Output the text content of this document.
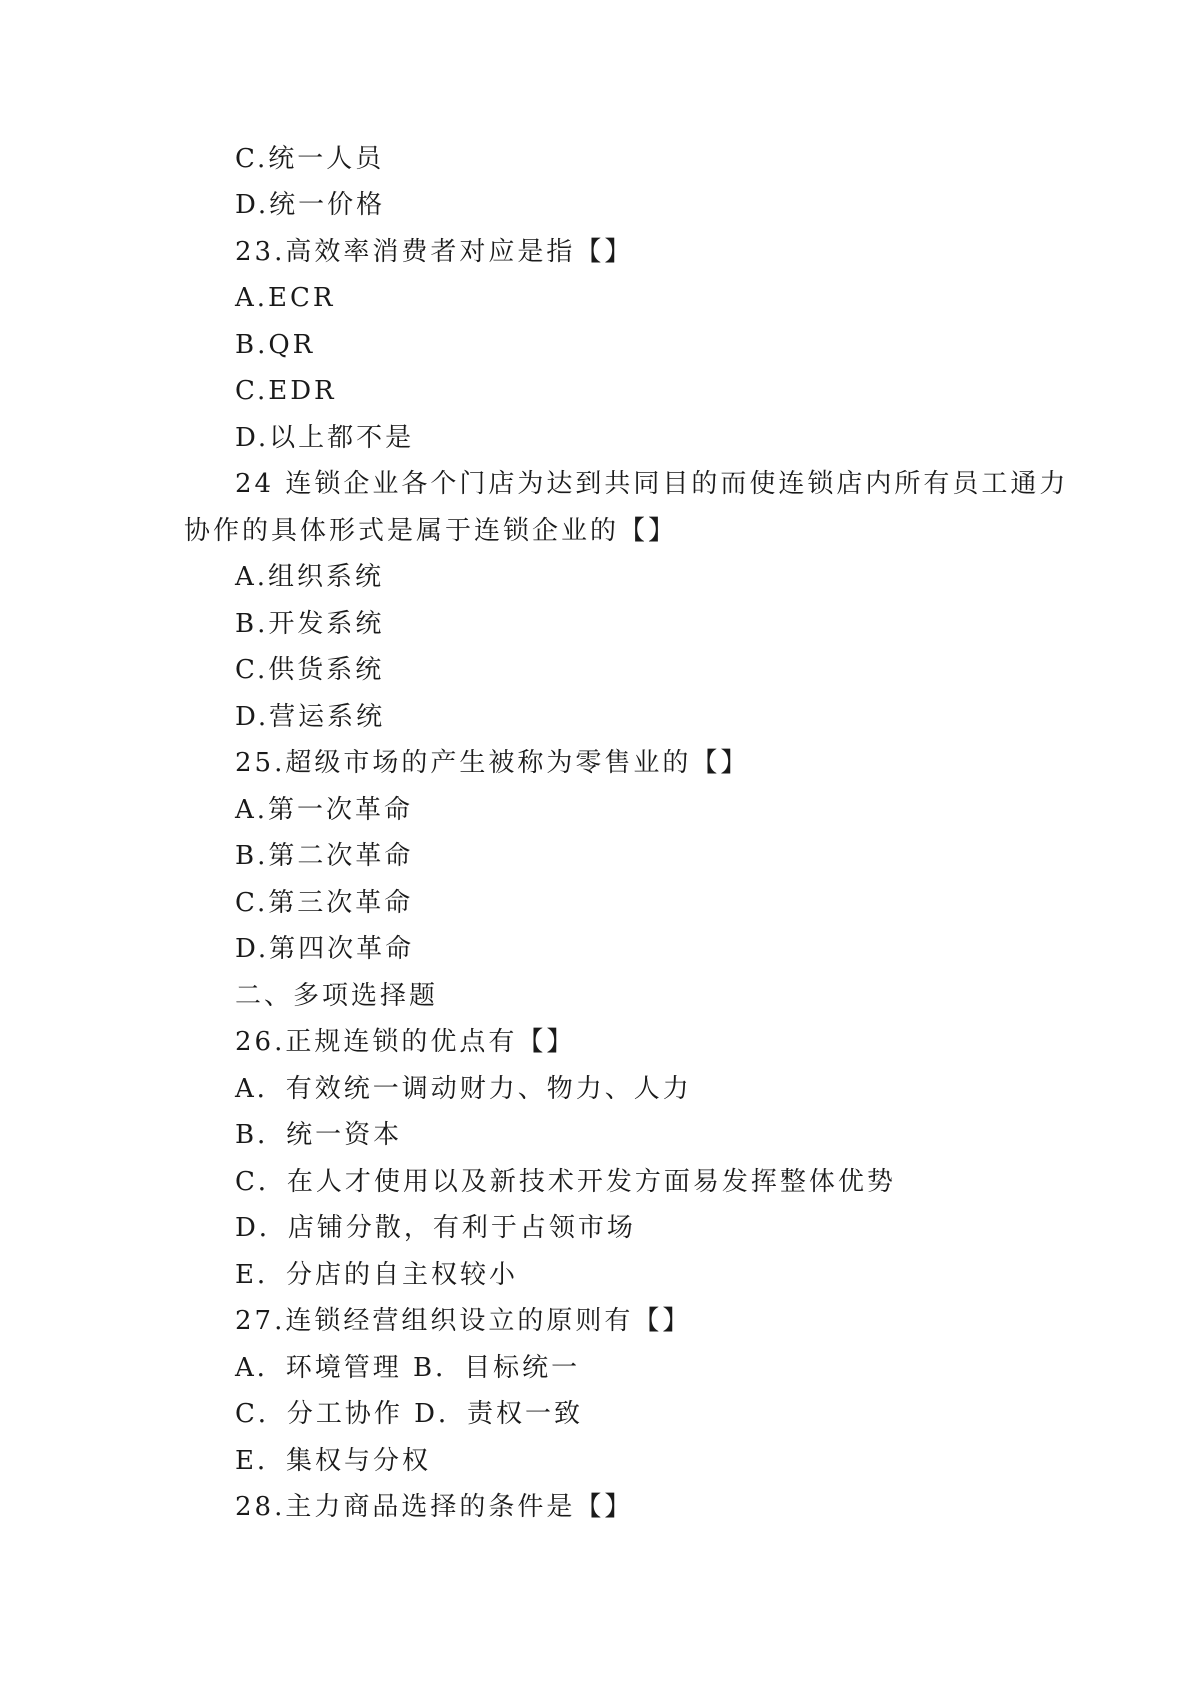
C.统一人员
D.统一价格
23.高效率消费者对应是指【】
A.ECR
B.QR
C.EDR
D.以上都不是
24 连锁企业各个门店为达到共同目的而使连锁店内所有员工通力
协作的具体形式是属于连锁企业的【】
A.组织系统
B.开发系统
C.供货系统
D.营运系统
25.超级市场的产生被称为零售业的【】
A.第一次革命
B.第二次革命
C.第三次革命
D.第四次革命
二、多项选择题
26.正规连锁的优点有【】
A．有效统一调动财力、物力、人力
B．统一资本
C．在人才使用以及新技术开发方面易发挥整体优势
D．店铺分散，有利于占领市场
E．分店的自主权较小
27.连锁经营组织设立的原则有【】
A．环境管理 B．目标统一
C．分工协作 D．责权一致
E．集权与分权
28.主力商品选择的条件是【】
